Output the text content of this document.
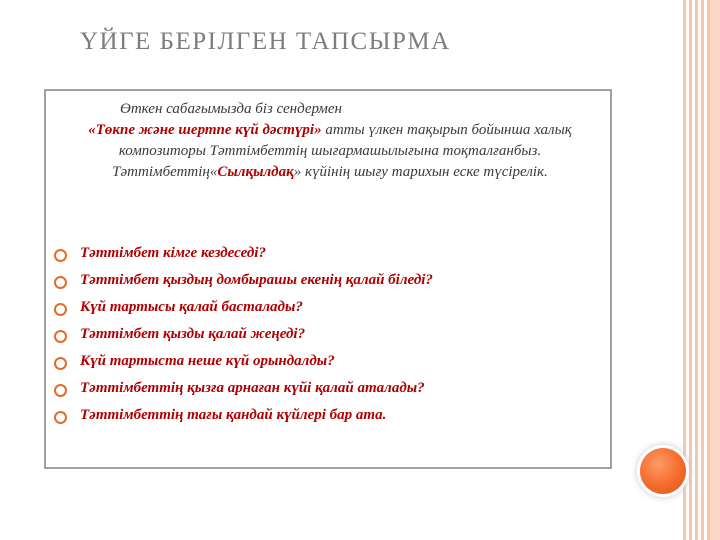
ҮЙГЕ БЕРІЛГЕН ТАПСЫРМА
Өткен сабағымызда біз сендермен
«Төкпе және шертпе күй дәстүрі» атты үлкен тақырып бойынша халық композиторы Тәттімбеттің шығармашылығына тоқталғанбыз.
Тәттімбеттің«Сылқылдақ» күйінің шығу тарихын еске түсірелік.
Тәттімбет кімге кездеседі?
Тәттімбет қыздың домбырашы екенің қалай біледі?
Күй тартысы қалай басталады?
Тәттімбет қызды қалай жеңеді?
Күй тартыста неше күй орындалды?
Тәттімбеттің қызға арнаған күйі қалай аталады?
Тәттімбеттің тағы қандай күйлері бар ата.
